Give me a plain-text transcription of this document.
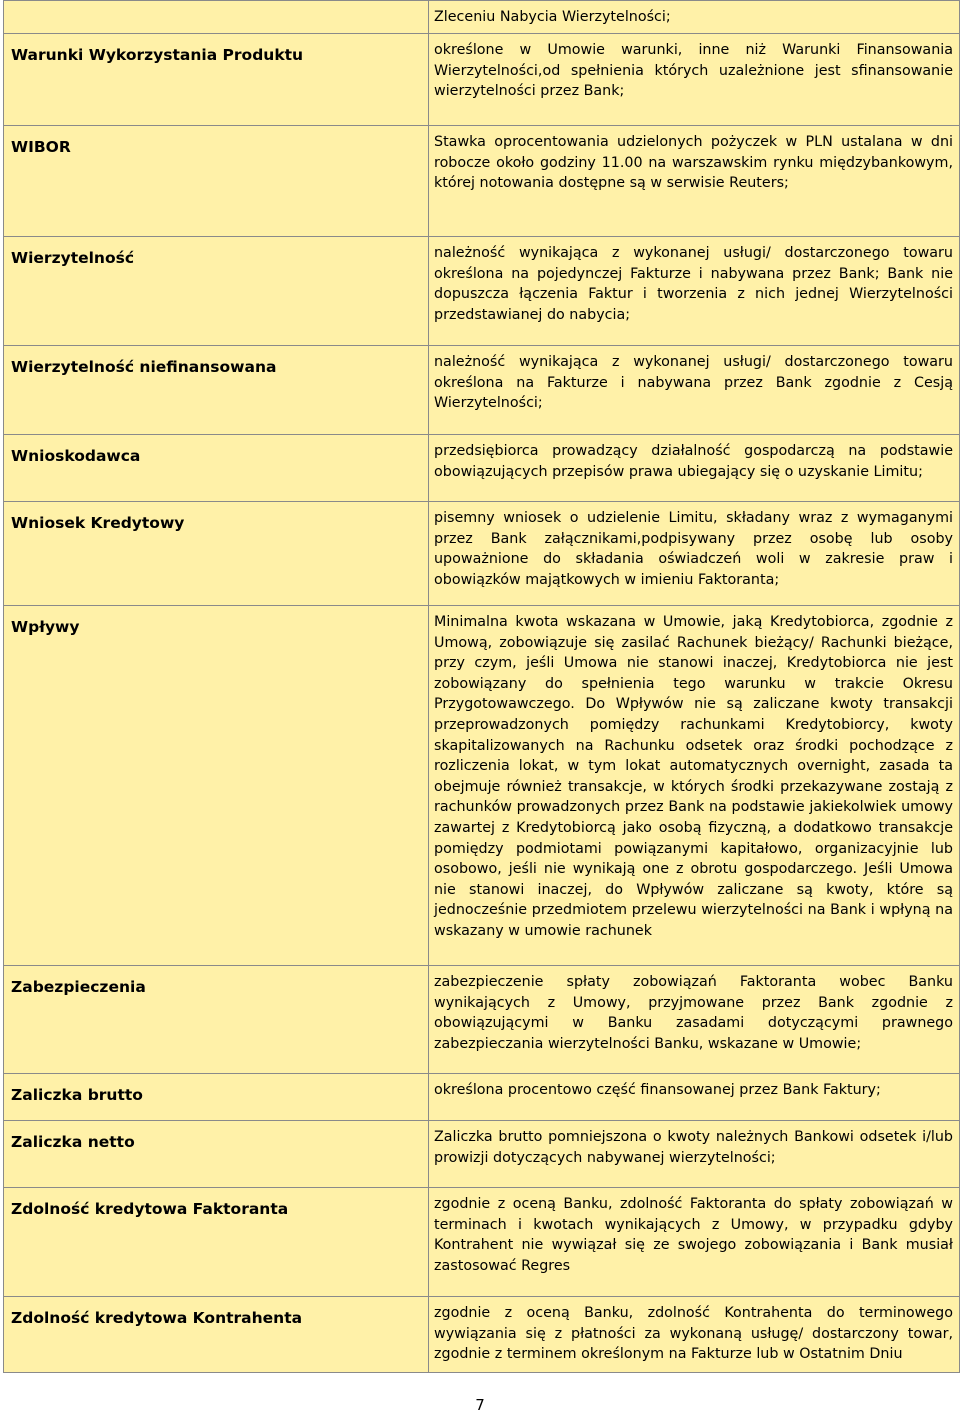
	Zleceniu Nabycia Wierzytelności;
Warunki Wykorzystania Produktu	określone w Umowie warunki, inne niż Warunki Finansowania Wierzytelności,od spełnienia których uzależnione jest sfinansowanie wierzytelności przez Bank;
WIBOR	Stawka oprocentowania udzielonych pożyczek w PLN ustalana w dni robocze około godziny 11.00 na warszawskim rynku międzybankowym, której notowania dostępne są w serwisie Reuters;
Wierzytelność	należność wynikająca z wykonanej usługi/ dostarczonego towaru określona na pojedynczej Fakturze i nabywana przez Bank; Bank nie dopuszcza łączenia Faktur i tworzenia z nich jednej Wierzytelności przedstawianej do nabycia;
Wierzytelność niefinansowana	należność wynikająca z wykonanej usługi/ dostarczonego towaru określona na Fakturze i nabywana przez Bank zgodnie z Cesją Wierzytelności;
Wnioskodawca	przedsiębiorca prowadzący działalność gospodarczą na podstawie obowiązujących przepisów prawa ubiegający się o uzyskanie Limitu;
Wniosek Kredytowy	pisemny wniosek o udzielenie Limitu, składany wraz z wymaganymi przez Bank załącznikami,podpisywany przez osobę lub osoby upoważnione do składania oświadczeń woli w zakresie praw i obowiązków majątkowych w imieniu Faktoranta;
Wpływy	Minimalna kwota wskazana w Umowie, jaką Kredytobiorca, zgodnie z Umową, zobowiązuje się zasilać Rachunek bieżący/ Rachunki bieżące, przy czym, jeśli Umowa nie stanowi inaczej, Kredytobiorca nie jest zobowiązany do spełnienia tego warunku w trakcie Okresu Przygotowawczego. Do Wpływów nie są zaliczane kwoty transakcji przeprowadzonych pomiędzy rachunkami Kredytobiorcy, kwoty skapitalizowanych na Rachunku odsetek oraz środki pochodzące z rozliczenia lokat, w tym lokat automatycznych overnight, zasada ta obejmuje również transakcje, w których środki przekazywane zostają z rachunków prowadzonych przez Bank na podstawie jakiekolwiek umowy zawartej z Kredytobiorcą jako osobą fizyczną, a dodatkowo transakcje pomiędzy podmiotami powiązanymi kapitałowo, organizacyjnie lub osobowo, jeśli nie wynikają one z obrotu gospodarczego. Jeśli Umowa nie stanowi inaczej, do Wpływów zaliczane są kwoty, które są jednocześnie przedmiotem przelewu wierzytelności na Bank i wpłyną na wskazany w umowie rachunek
Zabezpieczenia	zabezpieczenie spłaty zobowiązań Faktoranta wobec Banku wynikających z Umowy, przyjmowane przez Bank zgodnie z obowiązującymi w Banku zasadami dotyczącymi prawnego zabezpieczania wierzytelności Banku, wskazane w Umowie;
Zaliczka brutto	określona procentowo część finansowanej przez Bank Faktury;
Zaliczka netto	Zaliczka brutto pomniejszona o kwoty należnych Bankowi odsetek i/lub prowizji dotyczących nabywanej wierzytelności;
Zdolność kredytowa Faktoranta	zgodnie z oceną Banku, zdolność Faktoranta do spłaty zobowiązań w terminach i kwotach wynikających z Umowy, w przypadku gdyby Kontrahent nie wywiązał się ze swojego zobowiązania i Bank musiał zastosować Regres
Zdolność kredytowa Kontrahenta	zgodnie z oceną Banku, zdolność Kontrahenta do terminowego wywiązania się z płatności za wykonaną usługę/ dostarczony towar, zgodnie z terminem określonym na Fakturze lub w Ostatnim Dniu
7
